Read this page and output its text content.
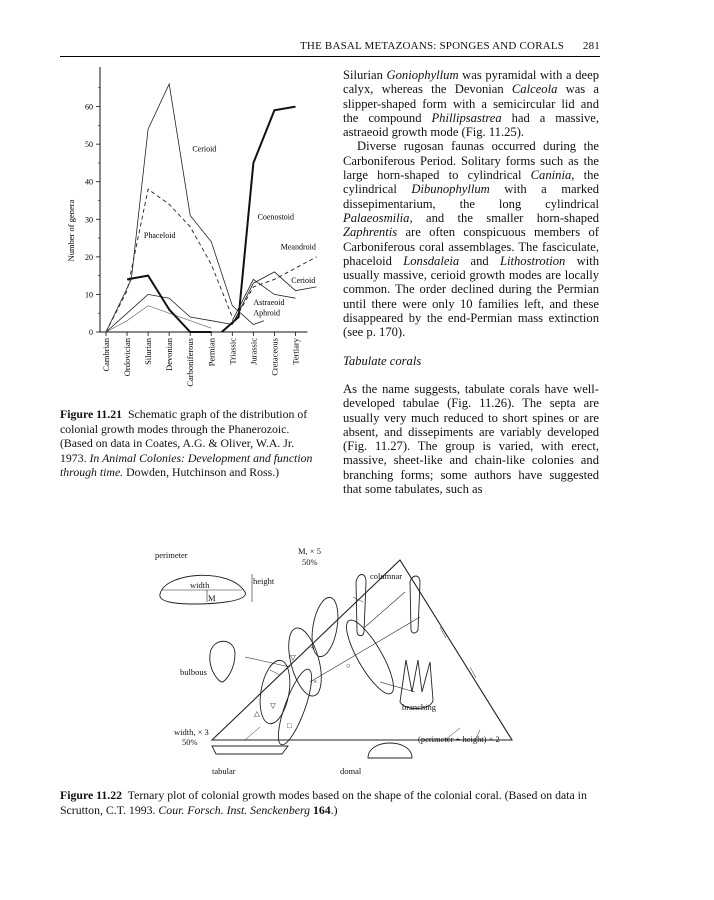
THE BASAL METAZOANS: SPONGES AND CORALS 281
0
10
20
30
40
50
60
Cambrian Ordovician Silurian Devonian Carboniferous Permian Triassic Jurassic Cretaceous Tertiary
Number of genera
Cerioid
Coenostoid
Phaceloid
Meandroid
Cerioid
Astraeoid
Aphroid
Figure 11.21 Schematic graph of the distribution of colonial growth modes through the Phanerozoic. (Based on data in Coates, A.G. & Oliver, W.A. Jr. 1973. In Animal Colonies: Development and function through time. Dowden, Hutchinson and Ross.)

Silurian Goniophyllum was pyramidal with a deep calyx, whereas the Devonian Calceola was a slipper-shaped form with a semicircular lid and the compound Phillipsastrea had a massive, astraeoid growth mode (Fig. 11.25).

Diverse rugosan faunas occurred during the Carboniferous Period. Solitary forms such as the large horn-shaped to cylindrical Caninia, the cylindrical Dibunophyllum with a marked dissepimentarium, the long cylindrical Palaeosmilia, and the smaller horn-shaped Zaphrentis are often conspicuous members of Carboniferous coral assemblages. The fasciculate, phaceloid Lonsdaleia and Lithostrotion with usually massive, cerioid growth modes are locally common. The order declined during the Permian until there were only 10 families left, and these disappeared by the end-Permian mass extinction (see p. 170).

Tabulate corals

As the name suggests, tabulate corals have well-developed tabulae (Fig. 11.26). The septa are usually very much reduced to short spines or are absent, and dissepiments are variably developed (Fig. 11.27). The group is varied, with erect, massive, sheet-like and chain-like colonies and branching forms; some authors have suggested that some tabulates, such as

▽
△
□
○
×
+
▽
perimeter
width
M
height
M, × 5
50%
columnar
bulbous
branching
width, × 3
50%	(perimeter + height) × 2
tabular	domal
Figure 11.22 Ternary plot of colonial growth modes based on the shape of the colonial coral. (Based on data in Scrutton, C.T. 1993. Cour. Forsch. Inst. Senckenberg 164.)
